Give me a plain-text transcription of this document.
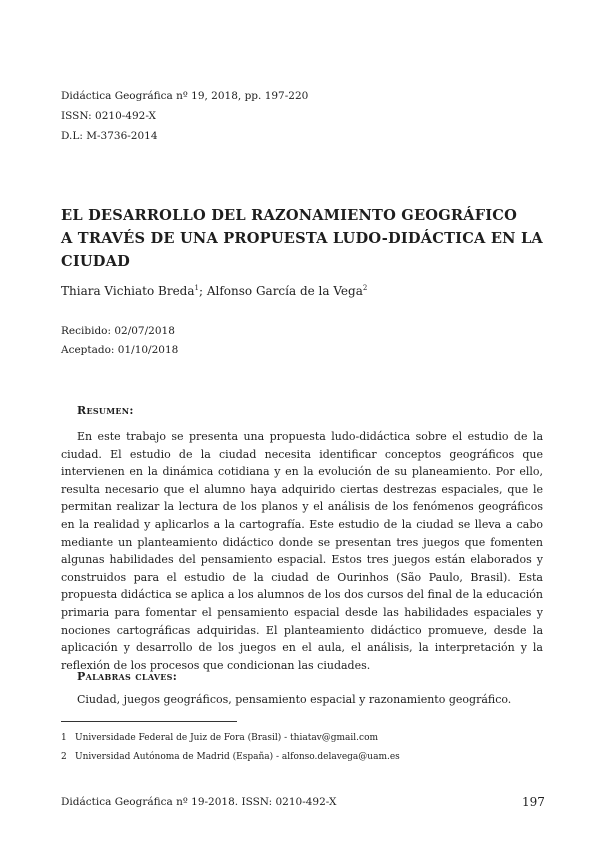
Didáctica Geográfica nº 19, 2018, pp. 197-220
ISSN: 0210-492-X
D.L: M-3736-2014
EL DESARROLLO DEL RAZONAMIENTO GEOGRÁFICO
A TRAVÉS DE UNA PROPUESTA LUDO-DIDÁCTICA EN LA
CIUDAD
Thiara Vichiato Breda$^1$; Alfonso García de la Vega$^2$
Recibido: 02/07/2018
Aceptado: 01/10/2018
Resumen:

En este trabajo se presenta una propuesta ludo-didáctica sobre el estudio de la ciudad. El estudio de la ciudad necesita identificar conceptos geográficos que intervienen en la dinámica cotidiana y en la evolución de su planeamiento. Por ello, resulta necesario que el alumno haya adquirido ciertas destrezas espaciales, que le permitan realizar la lectura de los planos y el análisis de los fenómenos geográficos en la realidad y aplicarlos a la cartografía. Este estudio de la ciudad se lleva a cabo mediante un planteamiento didáctico donde se presentan tres juegos que fomenten algunas habilidades del pensamiento espacial. Estos tres juegos están elaborados y construidos para el estudio de la ciudad de Ourinhos (São Paulo, Brasil). Esta propuesta didáctica se aplica a los alumnos de los dos cursos del final de la educación primaria para fomentar el pensamiento espacial desde las habilidades espaciales y nociones cartográficas adquiridas. El planteamiento didáctico promueve, desde la aplicación y desarrollo de los juegos en el aula, el análisis, la interpretación y la reflexión de los procesos que condicionan las ciudades.

Palabras claves:
Ciudad, juegos geográficos, pensamiento espacial y razonamiento geográfico.
1 Universidade Federal de Juiz de Fora (Brasil) - thiatav@gmail.com
2 Universidad Autónoma de Madrid (España) - alfonso.delavega@uam.es
Didáctica Geográfica nº 19-2018. ISSN: 0210-492-X	197
